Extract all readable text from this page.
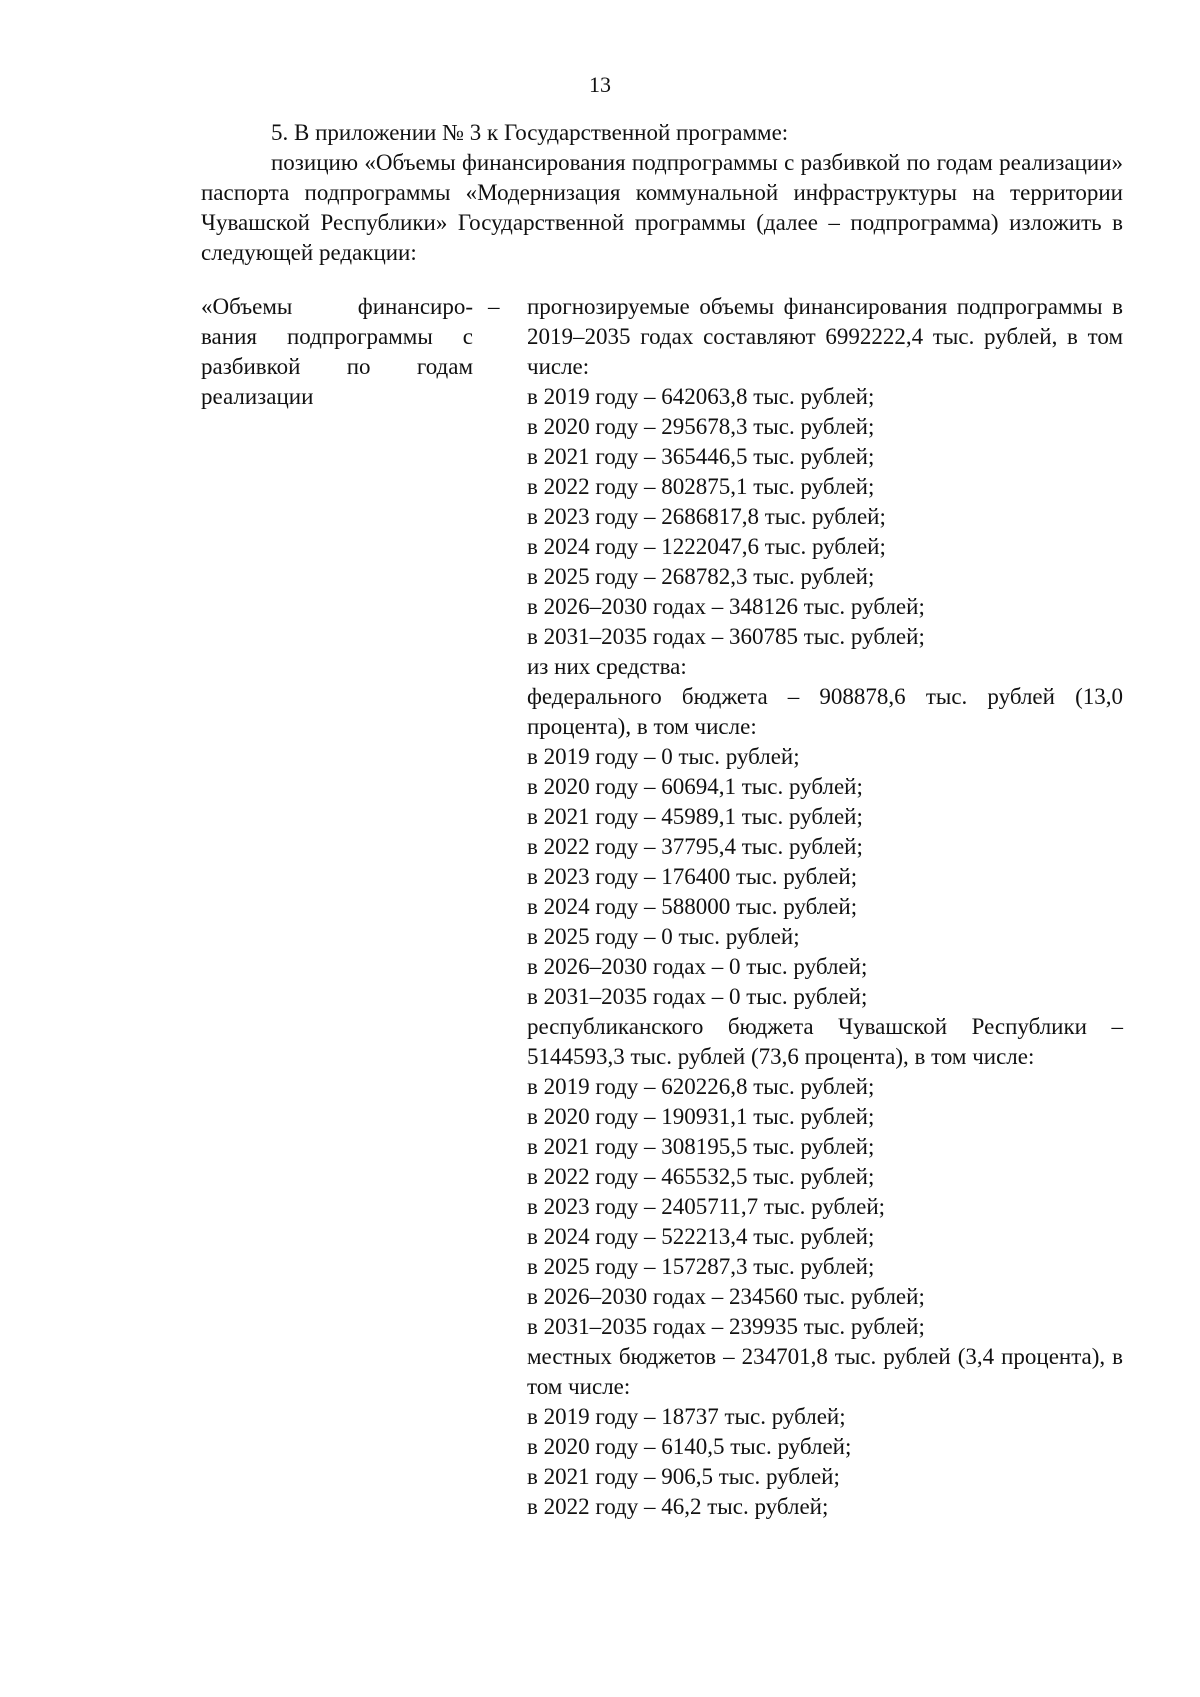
13

5. В приложении № 3 к Государственной программе:

позицию «Объемы финансирования подпрограммы с разбивкой по годам реализации» паспорта подпрограммы «Модернизация коммунальной инфраструктуры на территории Чувашской Республики» Государственной программы (далее – подпрограмма) изложить в следующей редакции:

«Объемы финансиро-
вания подпрограммы с
разбивкой по годам
реализации
– прогнозируемые объемы финансирования подпрограммы в 2019–2035 годах составляют 6992222,4 тыс. рублей, в том числе:

в 2019 году – 642063,8 тыс. рублей;

в 2020 году – 295678,3 тыс. рублей;

в 2021 году – 365446,5 тыс. рублей;

в 2022 году – 802875,1 тыс. рублей;

в 2023 году – 2686817,8 тыс. рублей;

в 2024 году – 1222047,6 тыс. рублей;

в 2025 году – 268782,3 тыс. рублей;

в 2026–2030 годах – 348126 тыс. рублей;

в 2031–2035 годах – 360785 тыс. рублей;

из них средства:

федерального бюджета – 908878,6 тыс. рублей (13,0 процента), в том числе:

в 2019 году – 0 тыс. рублей;

в 2020 году – 60694,1 тыс. рублей;

в 2021 году – 45989,1 тыс. рублей;

в 2022 году – 37795,4 тыс. рублей;

в 2023 году – 176400 тыс. рублей;

в 2024 году – 588000 тыс. рублей;

в 2025 году – 0 тыс. рублей;

в 2026–2030 годах – 0 тыс. рублей;

в 2031–2035 годах – 0 тыс. рублей;

республиканского бюджета Чувашской Республики – 5144593,3 тыс. рублей (73,6 процента), в том числе:

в 2019 году – 620226,8 тыс. рублей;

в 2020 году – 190931,1 тыс. рублей;

в 2021 году – 308195,5 тыс. рублей;

в 2022 году – 465532,5 тыс. рублей;

в 2023 году – 2405711,7 тыс. рублей;

в 2024 году – 522213,4 тыс. рублей;

в 2025 году – 157287,3 тыс. рублей;

в 2026–2030 годах – 234560 тыс. рублей;

в 2031–2035 годах – 239935 тыс. рублей;

местных бюджетов – 234701,8 тыс. рублей (3,4 процента), в том числе:

в 2019 году – 18737 тыс. рублей;

в 2020 году – 6140,5 тыс. рублей;

в 2021 году – 906,5 тыс. рублей;

в 2022 году – 46,2 тыс. рублей;
